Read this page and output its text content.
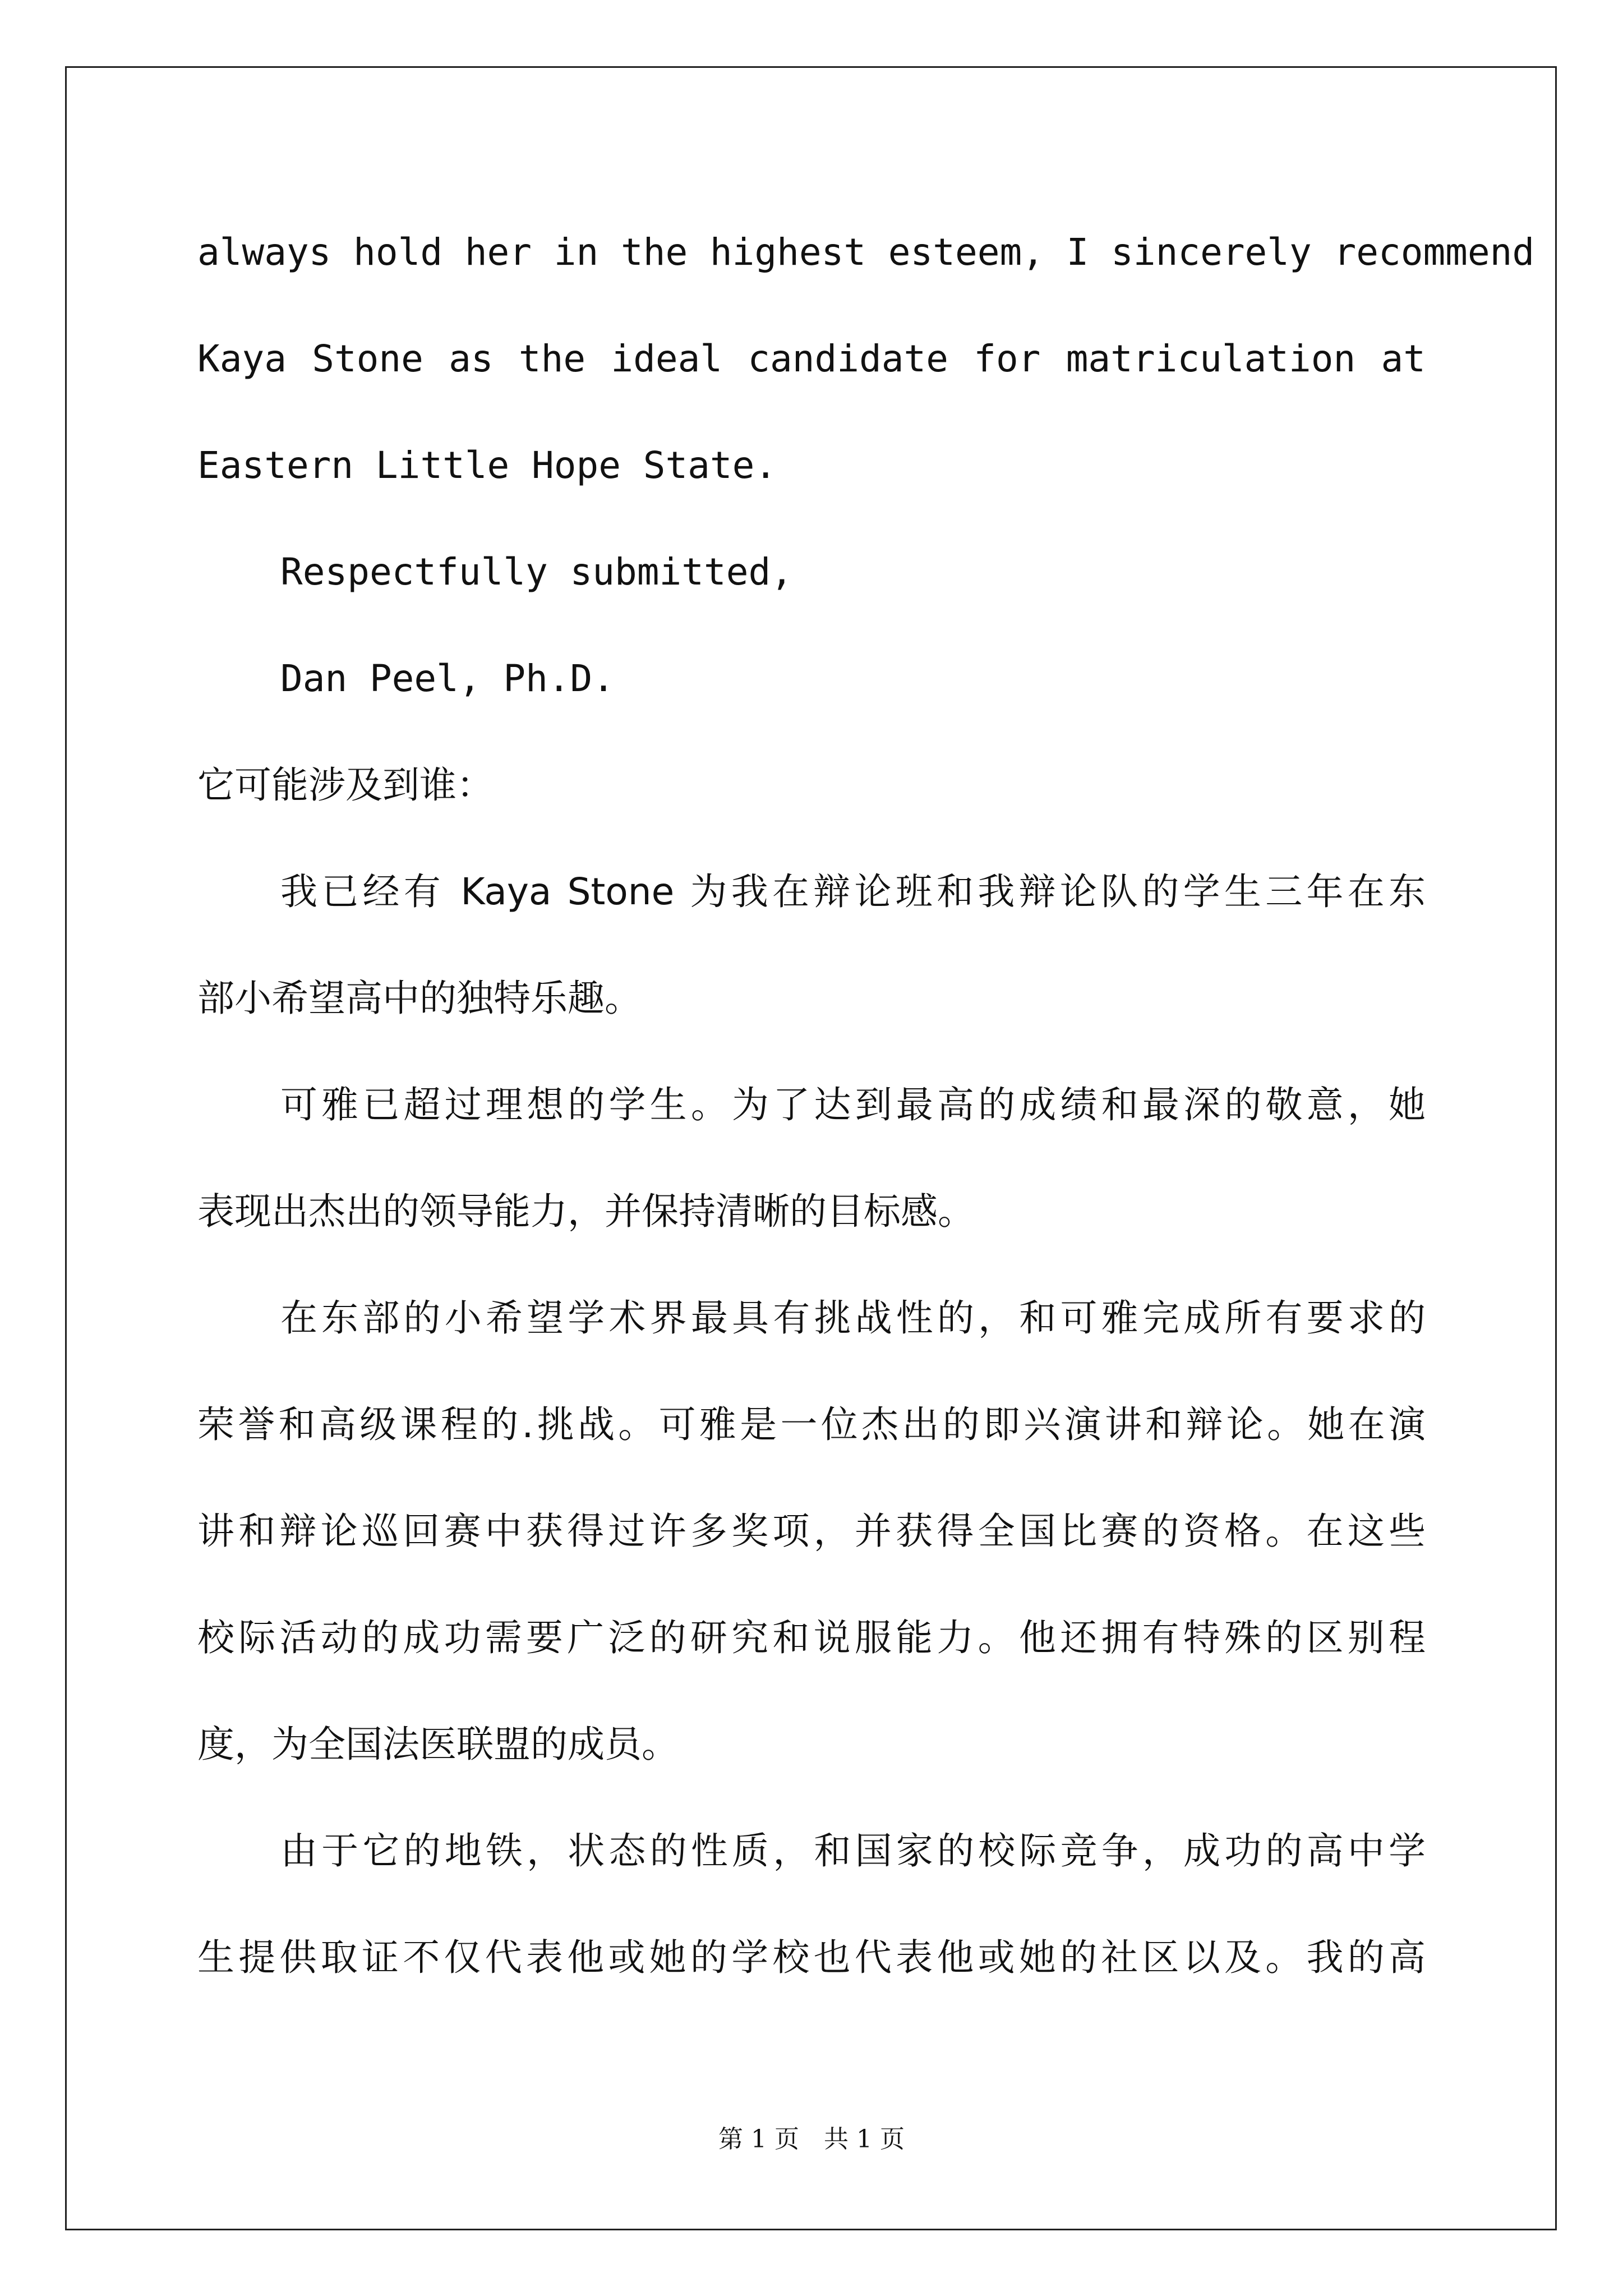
always hold her in the highest esteem, I sincerely recommend
Kaya Stone as the ideal candidate for matriculation at
Eastern Little Hope State.
Respectfully submitted,
Dan Peel, Ph.D.
它可能涉及到谁：
我已经有 Kaya Stone 为我在辩论班和我辩论队的学生三年在东
部小希望高中的独特乐趣。
可雅已超过理想的学生。为了达到最高的成绩和最深的敬意，她
表现出杰出的领导能力，并保持清晰的目标感。
在东部的小希望学术界最具有挑战性的，和可雅完成所有要求的
荣誉和高级课程的.挑战。可雅是一位杰出的即兴演讲和辩论。她在演
讲和辩论巡回赛中获得过许多奖项，并获得全国比赛的资格。在这些
校际活动的成功需要广泛的研究和说服能力。他还拥有特殊的区别程
度，为全国法医联盟的成员。
由于它的地铁，状态的性质，和国家的校际竞争，成功的高中学
生提供取证不仅代表他或她的学校也代表他或她的社区以及。我的高
第 1 页 共 1 页
